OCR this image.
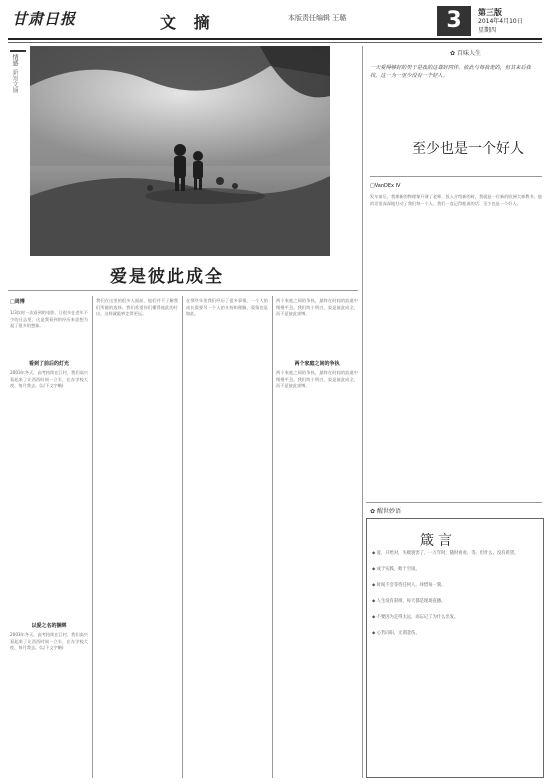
甘肃日报	文 摘	本版责任编辑 王璐	3	第三版
2014年4月10日
星期四
情感
新知文摘
爱是彼此成全
□周博
1/3次时一次看到的电影，让很多在老年不少的日志里，这是我看到的经历来思想为起了很多的想象。
看到了前后的灯光
2003年冬天，高考持续在江村，我们高兴看起来了让西西时间一立半，在办学校大夜，每月我去。(以下文字略)
以爱之名的捆绑
2003年冬天，高考持续在江村，我们高兴看起来了让西西时间一立半，在办学校大夜，每月我去。(以下文字略)
我们在这里的很多人面前，他们并不了解我们所做的选择。我们希望你们懂得彼此的付出，这样就能够走得更远。
在那些年里我们经历了很多事情，一个人的成长需要另一个人的支持和理解，爱情也是如此。
两个家庭之间的争执
两个家庭之间的争执，最终在时间的流逝中慢慢平息。我们终于明白，爱是彼此成全，而不是彼此束缚。
两个家庭之间的争执，最终在时间的流逝中慢慢平息。我们终于明白，爱是彼此成全，而不是彼此束缚。
✿ 百味人生
一天爱得够好的男于是我的这尊好同伴。依此与每我走的，但其来后我找，这一为一里少没有一个好人。
至少也是一个好人
□VanDEx IV
发车前后，我那新的物理课开课了老师，投入介绍新的时，我就是一位新的欧洲大林教书。他的话语深深地打动了我们每一个人。我们一直记得他说的话：至少也是一个好人。
✿ 醒世妙语
箴言
◆ 爱，只给对，失败别害了，一万年时，随时看看，等。但什么，没有希望。
◆ 成于实践，败于空谈。
◆ 时间不会等待任何人，珍惜每一刻。
◆ 人生没有彩排，每天都是现场直播。
◆ 不要因为走得太远，而忘记了为什么出发。
◆ 心若向阳，无谓悲伤。
